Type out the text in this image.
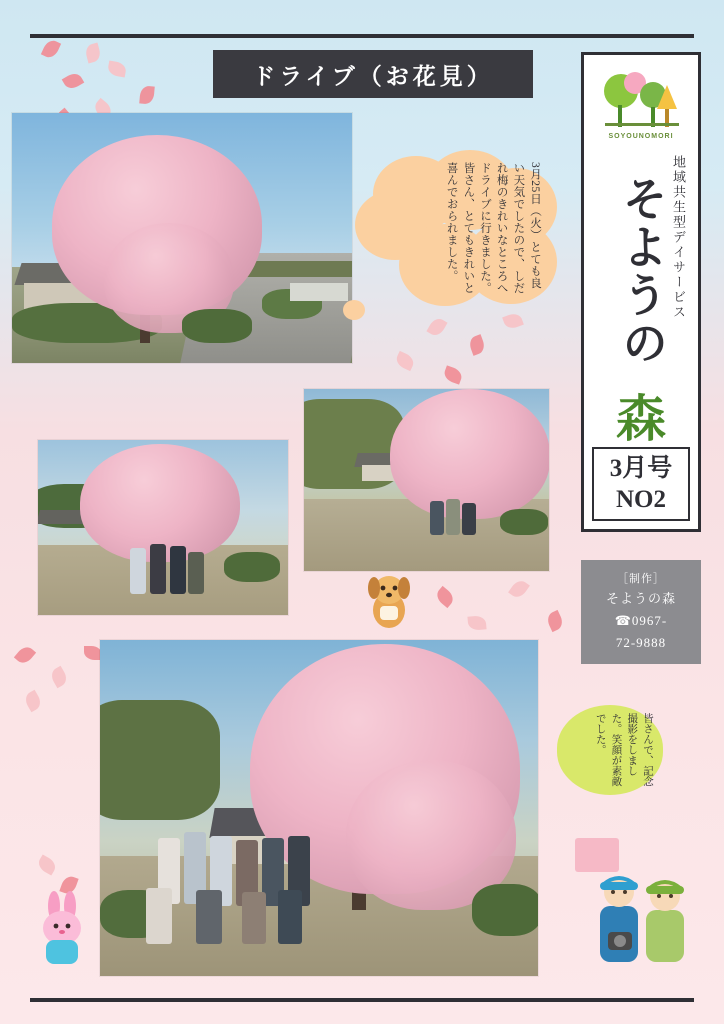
ドライブ（お花見）
3月25日（火）とても良い天気でしたので、しだれ梅のきれいなところへドライブに行きました。皆さん、とてもきれいと喜んでおられました。
皆さんで、記念撮影をしました。笑顔が素敵でした。
SOYOUNOMORI
地域共生型デイサービス
そようの
森
3月号
NO2
［制作］
そようの森
☎0967-
72-9888
